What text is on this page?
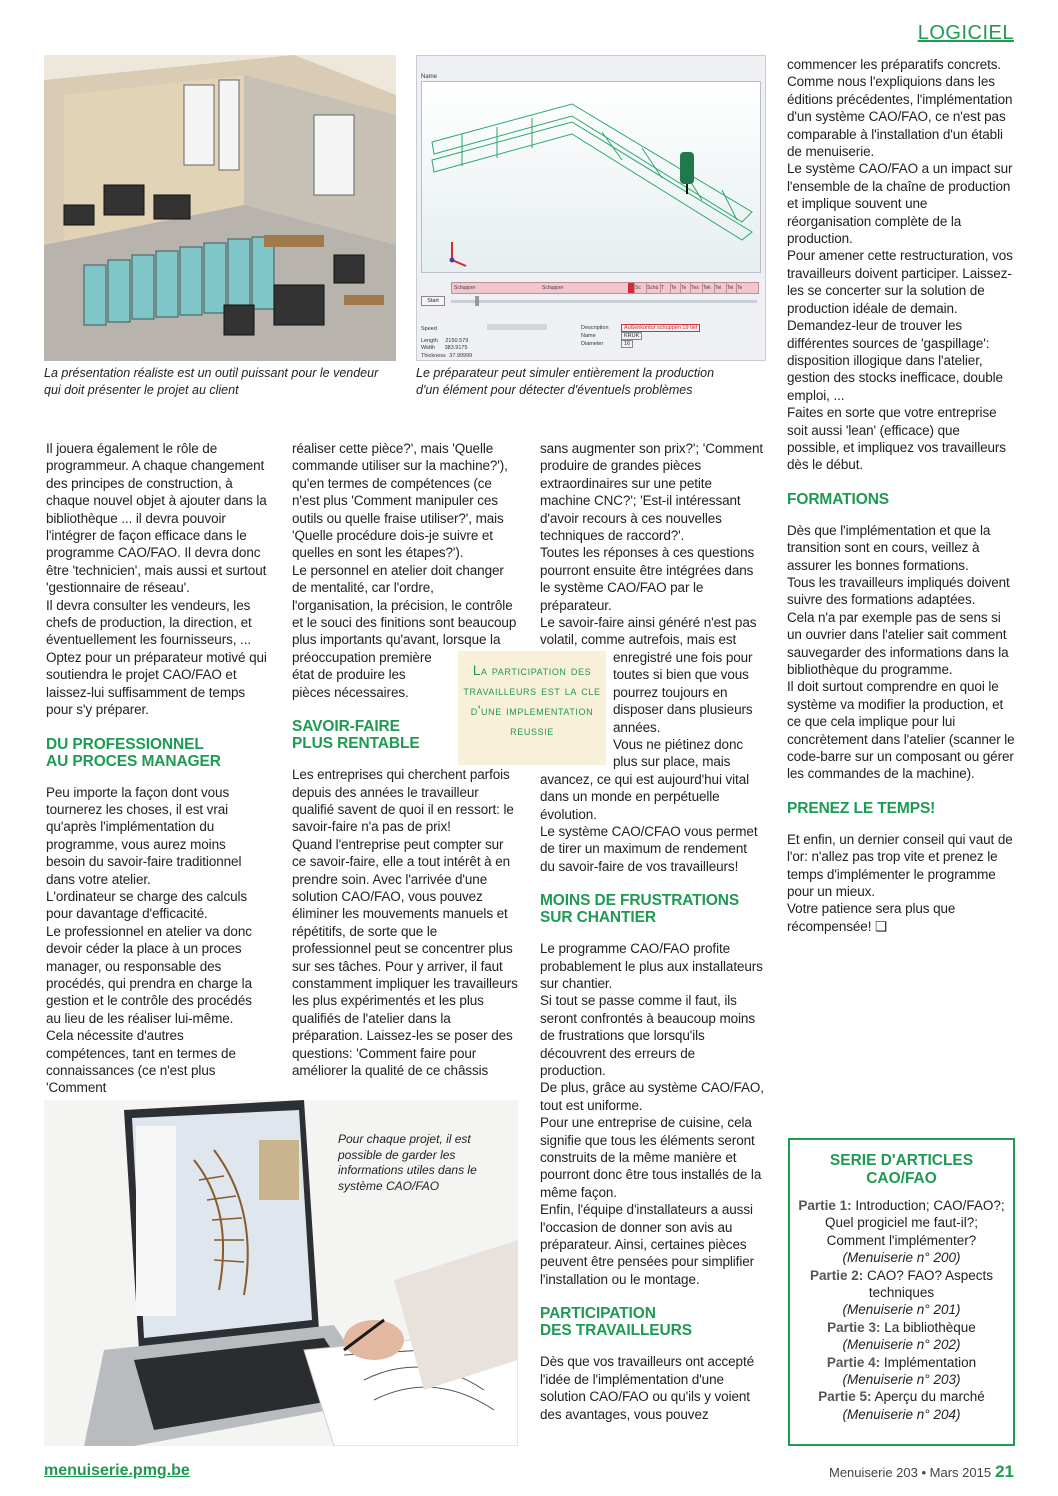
LOGICIEL
La présentation réaliste est un outil puissant pour le vendeur qui doit présenter le projet au client
Name
Schupper	Schupper	Sc	Schü T	Te Te Tes Tek Tei	Tei Te
Start
Speed
Length 2150.579
Width 383.9175
Thickness 37.99999
Description	Außenkontur schuppen 19 tief
Name	KRUK
Diameter	16
Le préparateur peut simuler entièrement la production d'un élément pour détecter d'éventuels problèmes

Il jouera également le rôle de programmeur. A chaque changement des principes de construction, à chaque nouvel objet à ajouter dans la bibliothèque ... il devra pouvoir l'intégrer de façon efficace dans le programme CAO/FAO. Il devra donc être 'technicien', mais aussi et surtout 'gestionnaire de réseau'.

Il devra consulter les vendeurs, les chefs de production, la direction, et éventuellement les fournisseurs, ...

Optez pour un préparateur motivé qui soutiendra le projet CAO/FAO et laissez-lui suffisamment de temps pour s'y préparer.

DU PROFESSIONNEL
AU PROCES MANAGER

Peu importe la façon dont vous tournerez les choses, il est vrai qu'après l'implémentation du programme, vous aurez moins besoin du savoir-faire traditionnel dans votre atelier.

L'ordinateur se charge des calculs pour davantage d'efficacité.

Le professionnel en atelier va donc devoir céder la place à un proces manager, ou responsable des procédés, qui prendra en charge la gestion et le contrôle des procédés au lieu de les réaliser lui-même.

Cela nécessite d'autres compétences, tant en termes de connaissances (ce n'est plus 'Comment

réaliser cette pièce?', mais 'Quelle commande utiliser sur la machine?'), qu'en termes de compétences (ce n'est plus 'Comment manipuler ces outils ou quelle fraise utiliser?', mais 'Quelle procédure dois-je suivre et quelles en sont les étapes?').

Le personnel en atelier doit changer de mentalité, car l'ordre, l'organisation, la précision, le contrôle et le souci des finitions sont beaucoup plus importants qu'avant, lorsque la

préoccupation première état de produire les pièces nécessaires.

SAVOIR-FAIRE
PLUS RENTABLE

Les entreprises qui cherchent parfois depuis des années le travailleur qualifié savent de quoi il en ressort: le savoir-faire n'a pas de prix!

Quand l'entreprise peut compter sur ce savoir-faire, elle a tout intérêt à en prendre soin. Avec l'arrivée d'une solution CAO/FAO, vous pouvez éliminer les mouvements manuels et répétitifs, de sorte que le professionnel peut se concentrer plus sur ses tâches. Pour y arriver, il faut constamment impliquer les travailleurs les plus expérimentés et les plus qualifiés de l'atelier dans la préparation. Laissez-les se poser des questions: 'Comment faire pour améliorer la qualité de ce châssis

La participation des travailleurs est la cle d'une implementation reussie

sans augmenter son prix?'; 'Comment produire de grandes pièces extraordinaires sur une petite machine CNC?'; 'Est-il intéressant d'avoir recours à ces nouvelles techniques de raccord?'.

Toutes les réponses à ces questions pourront ensuite être intégrées dans le système CAO/FAO par le préparateur.

Le savoir-faire ainsi généré n'est pas volatil, comme autrefois, mais est

enregistré une fois pour toutes si bien que vous pourrez toujours en disposer dans plusieurs années.

Vous ne piétinez donc plus sur place, mais

avancez, ce qui est aujourd'hui vital dans un monde en perpétuelle évolution.

Le système CAO/CFAO vous permet de tirer un maximum de rendement du savoir-faire de vos travailleurs!

MOINS DE FRUSTRATIONS
SUR CHANTIER

Le programme CAO/FAO profite probablement le plus aux installateurs sur chantier.

Si tout se passe comme il faut, ils seront confrontés à beaucoup moins de frustrations que lorsqu'ils découvrent des erreurs de production.

De plus, grâce au système CAO/FAO, tout est uniforme.

Pour une entreprise de cuisine, cela signifie que tous les éléments seront construits de la même manière et pourront donc être tous installés de la même façon.

Enfin, l'équipe d'installateurs a aussi l'occasion de donner son avis au préparateur. Ainsi, certaines pièces peuvent être pensées pour simplifier l'installation ou le montage.

PARTICIPATION
DES TRAVAILLEURS

Dès que vos travailleurs ont accepté l'idée de l'implémentation d'une solution CAO/FAO ou qu'ils y voient des avantages, vous pouvez

commencer les préparatifs concrets. Comme nous l'expliquions dans les éditions précédentes, l'implémentation d'un système CAO/FAO, ce n'est pas comparable à l'installation d'un établi de menuiserie.

Le système CAO/FAO a un impact sur l'ensemble de la chaîne de production et implique souvent une réorganisation complète de la production.

Pour amener cette restructuration, vos travailleurs doivent participer. Laissez-les se concerter sur la solution de production idéale de demain.

Demandez-leur de trouver les différentes sources de 'gaspillage': disposition illogique dans l'atelier, gestion des stocks inefficace, double emploi, ...

Faites en sorte que votre entreprise soit aussi 'lean' (efficace) que possible, et impliquez vos travailleurs dès le début.

FORMATIONS

Dès que l'implémentation et que la transition sont en cours, veillez à assurer les bonnes formations.

Tous les travailleurs impliqués doivent suivre des formations adaptées.

Cela n'a par exemple pas de sens si un ouvrier dans l'atelier sait comment sauvegarder des informations dans la bibliothèque du programme.

Il doit surtout comprendre en quoi le système va modifier la production, et ce que cela implique pour lui concrètement dans l'atelier (scanner le code-barre sur un composant ou gérer les commandes de la machine).

PRENEZ LE TEMPS!

Et enfin, un dernier conseil qui vaut de l'or: n'allez pas trop vite et prenez le temps d'implémenter le programme pour un mieux.

Votre patience sera plus que récompensée! ❑

Pour chaque projet, il est possible de garder les informations utiles dans le système CAO/FAO
SERIE D'ARTICLES
CAO/FAO
Partie 1: Introduction; CAO/FAO?; Quel progiciel me faut-il?; Comment l'implémenter?
(Menuiserie n° 200)
Partie 2: CAO? FAO? Aspects techniques
(Menuiserie n° 201)
Partie 3: La bibliothèque
(Menuiserie n° 202)
Partie 4: Implémentation
(Menuiserie n° 203)
Partie 5: Aperçu du marché
(Menuiserie n° 204)
menuiserie.pmg.be	Menuiserie 203 • Mars 2015 21
